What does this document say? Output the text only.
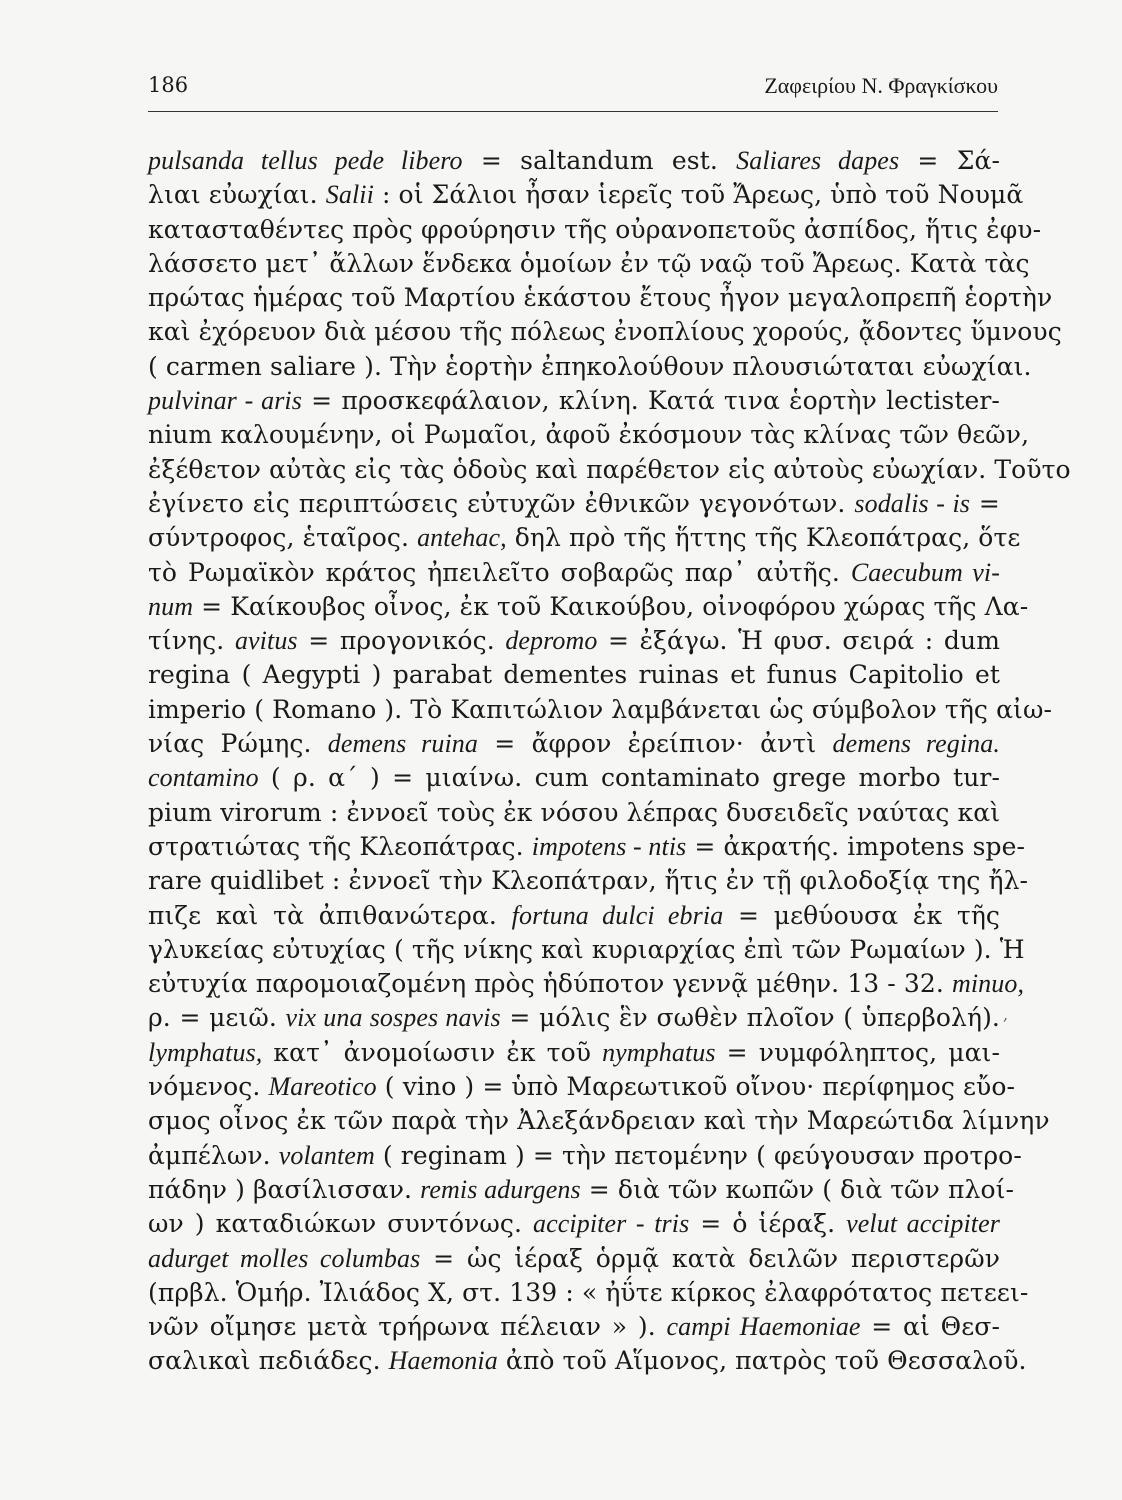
186	Ζαφειρίου Ν. Φραγκίσκου
‚
pulsanda tellus pede libero = saltandum est. Saliares dapes = Σά-
λιαι εὐωχίαι. Salii : οἱ Σάλιοι ἦσαν ἱερεῖς τοῦ Ἄρεως, ὑπὸ τοῦ Νουμᾶ
κατασταθέντες πρὸς φρούρησιν τῆς οὐρανοπετοῦς ἀσπίδος, ἥτις ἐφυ-
λάσσετο μετ᾽ ἄλλων ἕνδεκα ὁμοίων ἐν τῷ ναῷ τοῦ Ἄρεως. Κατὰ τὰς
πρώτας ἡμέρας τοῦ Μαρτίου ἑκάστου ἔτους ἦγον μεγαλοπρεπῆ ἑορτὴν
καὶ ἐχόρευον διὰ μέσου τῆς πόλεως ἐνοπλίους χορούς, ᾄδοντες ὕμνους
( carmen saliare ). Τὴν ἑορτὴν ἐπηκολούθουν πλουσιώταται εὐωχίαι.
pulvinar - aris = προσκεφάλαιον, κλίνη. Κατά τινα ἑορτὴν lectister-
nium καλουμένην, οἱ Ρωμαῖοι, ἀφοῦ ἐκόσμουν τὰς κλίνας τῶν θεῶν,
ἐξέθετον αὐτὰς εἰς τὰς ὁδοὺς καὶ παρέθετον εἰς αὐτοὺς εὐωχίαν. Τοῦτο
ἐγίνετο εἰς περιπτώσεις εὐτυχῶν ἐθνικῶν γεγονότων. sodalis - is =
σύντροφος, ἑταῖρος. antehac, δηλ πρὸ τῆς ἥττης τῆς Κλεοπάτρας, ὅτε
τὸ Ρωμαϊκὸν κράτος ἠπειλεῖτο σοβαρῶς παρ᾽ αὐτῆς. Caecubum vi-
num = Καίκουβος οἶνος, ἐκ τοῦ Καικούβου, οἰνοφόρου χώρας τῆς Λα-
τίνης. avitus = προγονικός. depromo = ἐξάγω. Ἡ φυσ. σειρά : dum
regina ( Aegypti ) parabat dementes ruinas et funus Capitolio et
imperio ( Romano ). Τὸ Καπιτώλιον λαμβάνεται ὡς σύμβολον τῆς αἰω-
νίας Ρώμης. demens ruina = ἄφρον ἐρείπιον· ἀντὶ demens regina.
contamino ( ρ. α΄ ) = μιαίνω. cum contaminato grege morbo tur-
pium virorum : ἐννοεῖ τοὺς ἐκ νόσου λέπρας δυσειδεῖς ναύτας καὶ
στρατιώτας τῆς Κλεοπάτρας. impotens - ntis = ἀκρατής. impotens spe-
rare quidlibet : ἐννοεῖ τὴν Κλεοπάτραν, ἥτις ἐν τῇ φιλοδοξίᾳ της ἤλ-
πιζε καὶ τὰ ἀπιθανώτερα. fortuna dulci ebria = μεθύουσα ἐκ τῆς
γλυκείας εὐτυχίας ( τῆς νίκης καὶ κυριαρχίας ἐπὶ τῶν Ρωμαίων ). Ἡ
εὐτυχία παρομοιαζομένη πρὸς ἡδύποτον γεννᾷ μέθην. 13 - 32. minuo,
ρ. = μειῶ. vix una sospes navis = μόλις ἓν σωθὲν πλοῖον ( ὑπερβολή).
lymphatus, κατ᾽ ἀνομοίωσιν ἐκ τοῦ nymphatus = νυμφόληπτος, μαι-
νόμενος. Mareotico ( vino ) = ὑπὸ Μαρεωτικοῦ οἴνου· περίφημος εὔο-
σμος οἶνος ἐκ τῶν παρὰ τὴν Ἀλεξάνδρειαν καὶ τὴν Μαρεώτιδα λίμνην
ἀμπέλων. volantem ( reginam ) = τὴν πετομένην ( φεύγουσαν προτρο-
πάδην ) βασίλισσαν. remis adurgens = διὰ τῶν κωπῶν ( διὰ τῶν πλοί-
ων ) καταδιώκων συντόνως. accipiter - tris = ὁ ἱέραξ. velut accipiter
adurget molles columbas = ὡς ἱέραξ ὁρμᾷ κατὰ δειλῶν περιστερῶν
(πρβλ. Ὁμήρ. Ἰλιάδος Χ, στ. 139 : « ἠΰτε κίρκος ἐλαφρότατος πετεει-
νῶν οἴμησε μετὰ τρήρωνα πέλειαν » ). campi Haemoniae = αἱ Θεσ-
σαλικαὶ πεδιάδες. Haemonia ἀπὸ τοῦ Αἵμονος, πατρὸς τοῦ Θεσσαλοῦ.
